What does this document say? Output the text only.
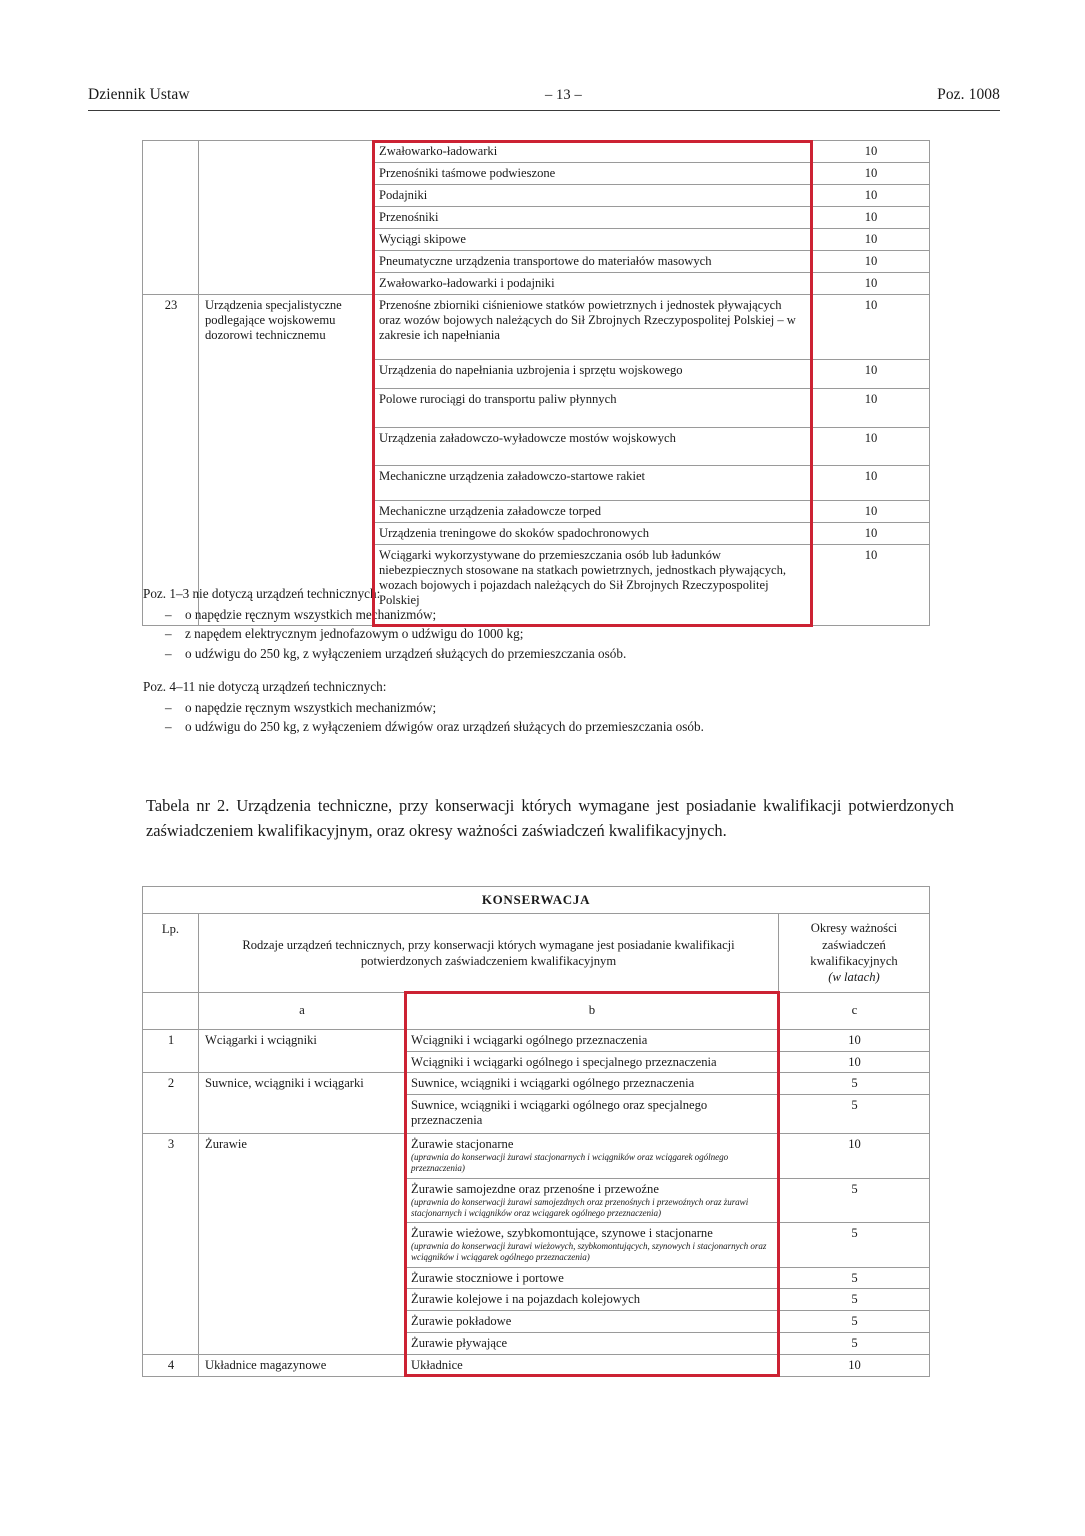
Dziennik Ustaw	– 13 –	Poz. 1008
		Zwałowarko-ładowarki	10
		Przenośniki taśmowe podwieszone	10
		Podajniki	10
		Przenośniki	10
		Wyciągi skipowe	10
		Pneumatyczne urządzenia transportowe do materiałów masowych	10
		Zwałowarko-ładowarki i podajniki	10
23	Urządzenia specjalistyczne podlegające wojskowemu dozorowi technicznemu	Przenośne zbiorniki ciśnieniowe statków powietrznych i jednostek pływających oraz wozów bojowych należących do Sił Zbrojnych Rzeczypospolitej Polskiej – w zakresie ich napełniania	10
		Urządzenia do napełniania uzbrojenia i sprzętu wojskowego	10
		Polowe rurociągi do transportu paliw płynnych	10
		Urządzenia załadowczo-wyładowcze mostów wojskowych	10
		Mechaniczne urządzenia załadowczo-startowe rakiet	10
		Mechaniczne urządzenia załadowcze torped	10
		Urządzenia treningowe do skoków spadochronowych	10
		Wciągarki wykorzystywane do przemieszczania osób lub ładunków niebezpiecznych stosowane na statkach powietrznych, jednostkach pływających, wozach bojowych i pojazdach należących do Sił Zbrojnych Rzeczypospolitej Polskiej	10

Poz. 1–3 nie dotyczą urządzeń technicznych:

–	o napędzie ręcznym wszystkich mechanizmów;
–	z napędem elektrycznym jednofazowym o udźwigu do 1000 kg;
–	o udźwigu do 250 kg, z wyłączeniem urządzeń służących do przemieszczania osób.

Poz. 4–11 nie dotyczą urządzeń technicznych:

–	o napędzie ręcznym wszystkich mechanizmów;
–	o udźwigu do 250 kg, z wyłączeniem dźwigów oraz urządzeń służących do przemieszczania osób.
Tabela nr 2. Urządzenia techniczne, przy konserwacji których wymagane jest posiadanie kwalifikacji potwierdzonych zaświadczeniem kwalifikacyjnym, oraz okresy ważności zaświadczeń kwalifikacyjnych.
KONSERWACJA			
Lp.	Rodzaje urządzeń technicznych, przy konserwacji których wymagane jest posiadanie kwalifikacji potwierdzonych zaświadczeniem kwalifikacyjnym		Okresy ważności
zaświadczeń
kwalifikacyjnych
(w latach)
	a	b	c
1	Wciągarki i wciągniki	Wciągniki i wciągarki ogólnego przeznaczenia	10
		Wciągniki i wciągarki ogólnego i specjalnego przeznaczenia	10
2	Suwnice, wciągniki i wciągarki	Suwnice, wciągniki i wciągarki ogólnego przeznaczenia	5
		Suwnice, wciągniki i wciągarki ogólnego oraz specjalnego przeznaczenia	5
3	Żurawie	Żurawie stacjonarne
(uprawnia do konserwacji żurawi stacjonarnych i wciągników oraz wciągarek ogólnego przeznaczenia)	10
		Żurawie samojezdne oraz przenośne i przewoźne
(uprawnia do konserwacji żurawi samojezdnych oraz przenośnych i przewoźnych oraz żurawi stacjonarnych i wciągników oraz wciągarek ogólnego przeznaczenia)	5
		Żurawie wieżowe, szybkomontujące, szynowe i stacjonarne
(uprawnia do konserwacji żurawi wieżowych, szybkomontujących, szynowych i stacjonarnych oraz wciągników i wciągarek ogólnego przeznaczenia)	5
		Żurawie stoczniowe i portowe	5
		Żurawie kolejowe i na pojazdach kolejowych	5
		Żurawie pokładowe	5
		Żurawie pływające	5
4	Układnice magazynowe	Układnice	10
